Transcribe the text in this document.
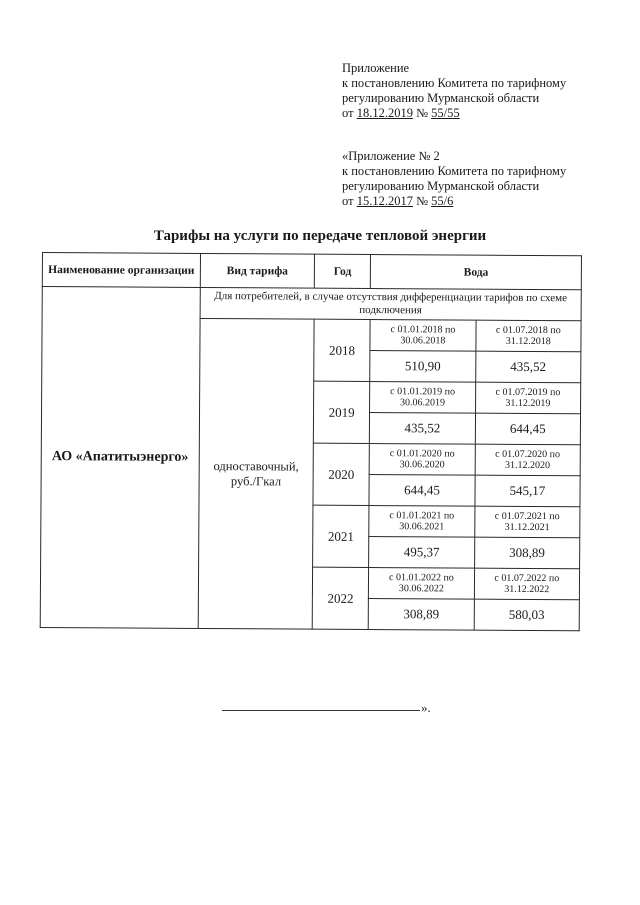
Приложение
к постановлению Комитета по тарифному
регулированию Мурманской области
от 18.12.2019 № 55/55
«Приложение № 2
к постановлению Комитета по тарифному
регулированию Мурманской области
от 15.12.2017 № 55/6
Тарифы на услуги по передаче тепловой энергии
Наименование организации	Вид тарифа	Год	Вода	
АО «Апатитыэнерго»	Для потребителей, в случае отсутствия дифференциации тарифов по схеме подключения			
	одноставочный, руб./Гкал	2018	с 01.01.2018 по 30.06.2018	с 01.07.2018 по 31.12.2018
			510,90	435,52
		2019	с 01.01.2019 по 30.06.2019	с 01.07.2019 по 31.12.2019
			435,52	644,45
		2020	с 01.01.2020 по 30.06.2020	с 01.07.2020 по 31.12.2020
			644,45	545,17
		2021	с 01.01.2021 по 30.06.2021	с 01.07.2021 по 31.12.2021
			495,37	308,89
		2022	с 01.01.2022 по 30.06.2022	с 01.07.2022 по 31.12.2022
			308,89	580,03
».
